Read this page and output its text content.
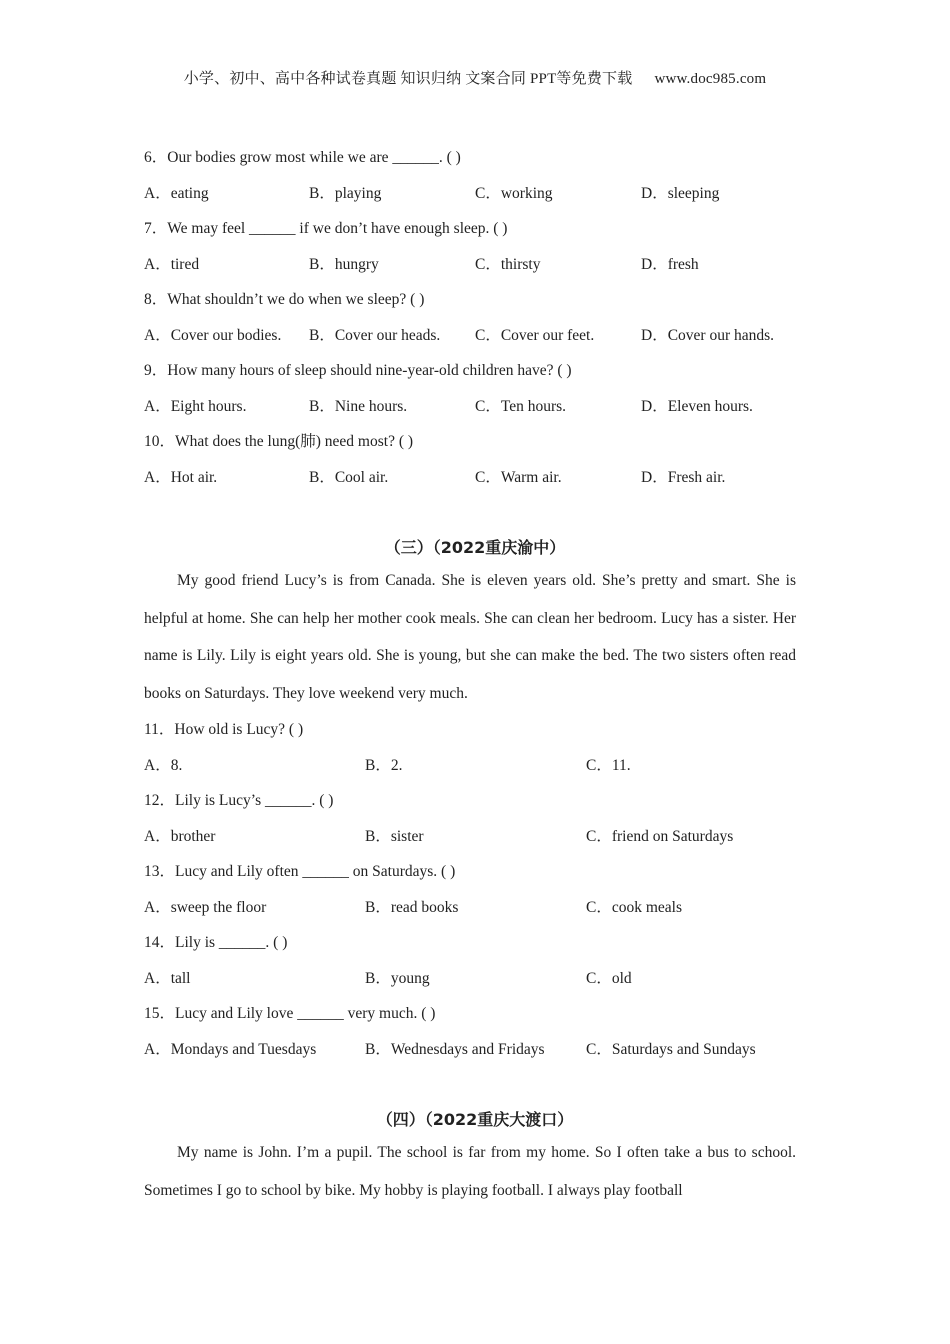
小学、初中、高中各种试卷真题 知识归纳 文案合同 PPT等免费下载 www.doc985.com
6．Our bodies grow most while we are ______. ( )
A．eating	B．playing	C．working	D．sleeping
7．We may feel ______ if we don’t have enough sleep. ( )
A．tired	B．hungry	C．thirsty	D．fresh
8．What shouldn’t we do when we sleep? ( )
A．Cover our bodies. B．Cover our heads. C．Cover our feet.	D．Cover our hands.
9．How many hours of sleep should nine-year-old children have? ( )
A．Eight hours.	B．Nine hours.	C．Ten hours.	D．Eleven hours.
10．What does the lung(肺) need most? ( )
A．Hot air.	B．Cool air.	C．Warm air.	D．Fresh air.
（三）（2022重庆渝中）
My good friend Lucy’s is from Canada. She is eleven years old. She’s pretty and smart. She is helpful at home. She can help her mother cook meals. She can clean her bedroom. Lucy has a sister. Her name is Lily. Lily is eight years old. She is young, but she can make the bed. The two sisters often read books on Saturdays. They love weekend very much.
11．How old is Lucy? ( )
A．8.	B．2.	C．11.
12．Lily is Lucy’s ______. ( )
A．brother	B．sister	C．friend on Saturdays
13．Lucy and Lily often ______ on Saturdays. ( )
A．sweep the floor	B．read books	C．cook meals
14．Lily is ______. ( )
A．tall	B．young	C．old
15．Lucy and Lily love ______ very much. ( )
A．Mondays and Tuesdays	B．Wednesdays and Fridays	C．Saturdays and Sundays
（四）（2022重庆大渡口）
My name is John. I’m a pupil. The school is far from my home. So I often take a bus to school. Sometimes I go to school by bike. My hobby is playing football. I always play football
